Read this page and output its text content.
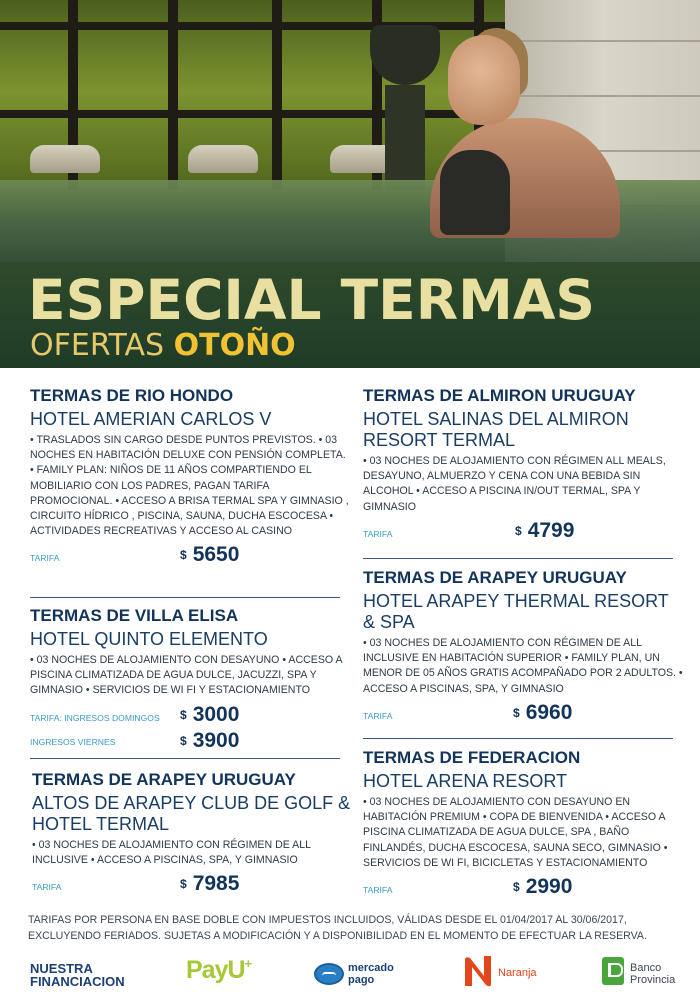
ESPECIAL TERMAS
OFERTAS OTOÑO
TERMAS DE RIO HONDO
HOTEL AMERIAN CARLOS V
• TRASLADOS SIN CARGO DESDE PUNTOS PREVISTOS. • 03 NOCHES EN HABITACIÓN DELUXE CON PENSIÓN COMPLETA. • FAMILY PLAN: NIÑOS DE 11 AÑOS COMPARTIENDO EL MOBILIARIO CON LOS PADRES, PAGAN TARIFA PROMOCIONAL. • ACCESO A BRISA TERMAL SPA Y GIMNASIO , CIRCUITO HÍDRICO , PISCINA, SAUNA, DUCHA ESCOCESA • ACTIVIDADES RECREATIVAS Y ACCESO AL CASINO
TARIFA	$ 5650
TERMAS DE VILLA ELISA
HOTEL QUINTO ELEMENTO
• 03 NOCHES DE ALOJAMIENTO CON DESAYUNO • ACCESO A PISCINA CLIMATIZADA DE AGUA DULCE, JACUZZI, SPA Y GIMNASIO • SERVICIOS DE WI FI Y ESTACIONAMIENTO
TARIFA: INGRESOS DOMINGOS $ 3000
INGRESOS VIERNES	$ 3900
TERMAS DE ARAPEY URUGUAY
ALTOS DE ARAPEY CLUB DE GOLF & HOTEL TERMAL
• 03 NOCHES DE ALOJAMIENTO CON RÉGIMEN DE ALL INCLUSIVE • ACCESO A PISCINAS, SPA, Y GIMNASIO
TARIFA	$ 7985
TERMAS DE ALMIRON URUGUAY
HOTEL SALINAS DEL ALMIRON RESORT TERMAL
• 03 NOCHES DE ALOJAMIENTO CON RÉGIMEN ALL MEALS, DESAYUNO, ALMUERZO Y CENA CON UNA BEBIDA SIN ALCOHOL • ACCESO A PISCINA IN/OUT TERMAL, SPA Y GIMNASIO
TARIFA	$ 4799
TERMAS DE ARAPEY URUGUAY
HOTEL ARAPEY THERMAL RESORT & SPA
• 03 NOCHES DE ALOJAMIENTO CON RÉGIMEN DE ALL INCLUSIVE EN HABITACIÓN SUPERIOR • FAMILY PLAN, UN MENOR DE 05 AÑOS GRATIS ACOMPAÑADO POR 2 ADULTOS. • ACCESO A PISCINAS, SPA, Y GIMNASIO
TARIFA	$ 6960
TERMAS DE FEDERACION
HOTEL ARENA RESORT
• 03 NOCHES DE ALOJAMIENTO CON DESAYUNO EN HABITACIÓN PREMIUM • COPA DE BIENVENIDA • ACCESO A PISCINA CLIMATIZADA DE AGUA DULCE, SPA , BAÑO FINLANDÉS, DUCHA ESCOCESA, SAUNA SECO, GIMNASIO • SERVICIOS DE WI FI, BICICLETAS Y ESTACIONAMIENTO
TARIFA	$ 2990
TARIFAS POR PERSONA EN BASE DOBLE CON IMPUESTOS INCLUIDOS, VÁLIDAS DESDE EL 01/04/2017 AL 30/06/2017, EXCLUYENDO FERIADOS. SUJETAS A MODIFICACIÓN Y A DISPONIBILIDAD EN EL MOMENTO DE EFECTUAR LA RESERVA.
NUESTRA
FINANCIACION PayU+	mercado
pago
Naranja	Banco
Provincia
